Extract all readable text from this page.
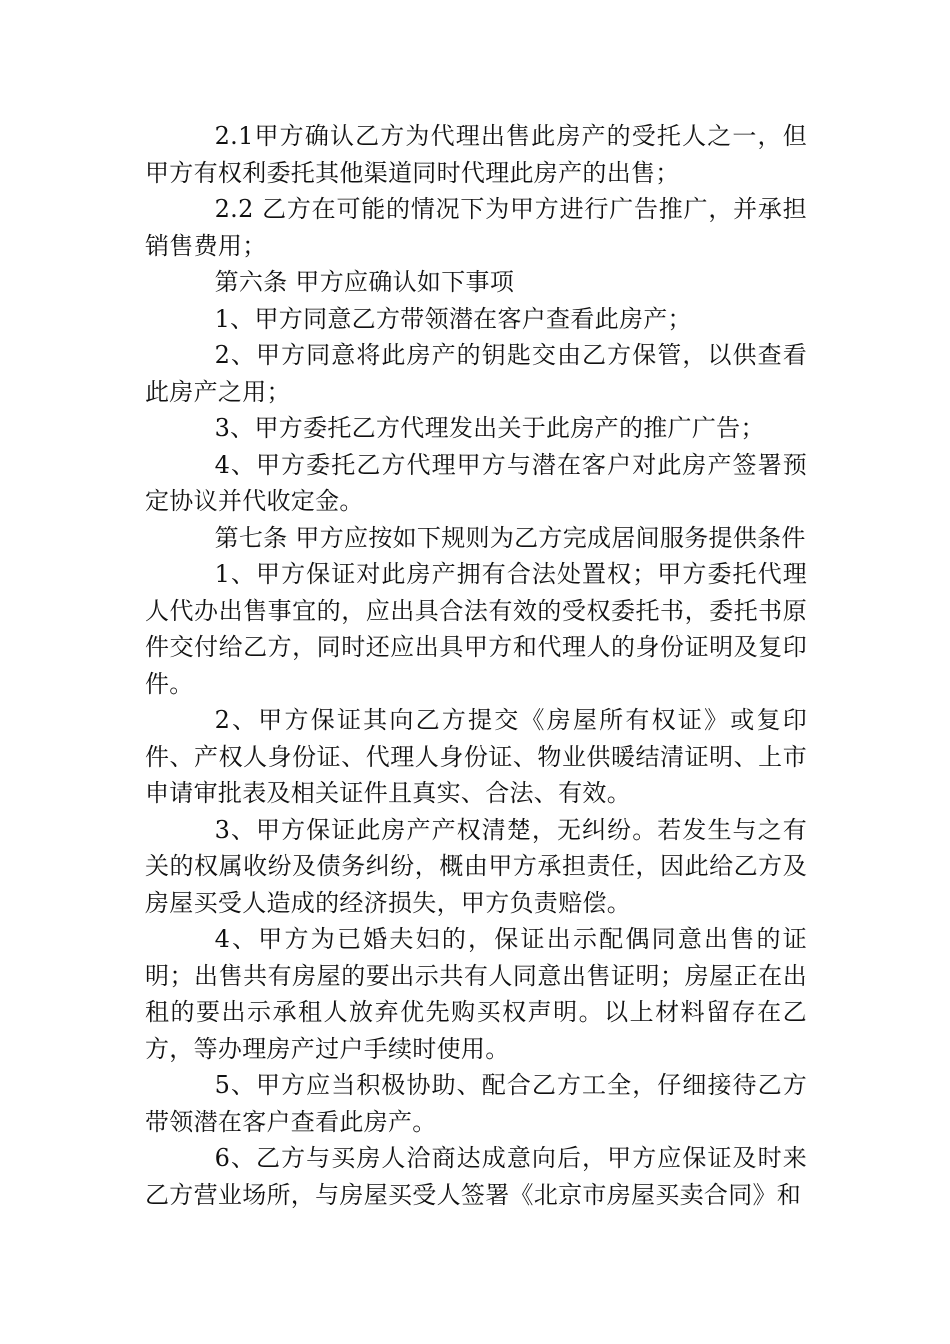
2.1甲方确认乙方为代理出售此房产的受托人之一，但甲方有权利委托其他渠道同时代理此房产的出售；

2.2 乙方在可能的情况下为甲方进行广告推广，并承担销售费用；

第六条 甲方应确认如下事项

1、甲方同意乙方带领潜在客户查看此房产；

2、甲方同意将此房产的钥匙交由乙方保管，以供查看此房产之用；

3、甲方委托乙方代理发出关于此房产的推广广告；

4、甲方委托乙方代理甲方与潜在客户对此房产签署预定协议并代收定金。

第七条 甲方应按如下规则为乙方完成居间服务提供条件

1、甲方保证对此房产拥有合法处置权；甲方委托代理人代办出售事宜的，应出具合法有效的受权委托书，委托书原件交付给乙方，同时还应出具甲方和代理人的身份证明及复印件。

2、甲方保证其向乙方提交《房屋所有权证》或复印件、产权人身份证、代理人身份证、物业供暖结清证明、上市申请审批表及相关证件且真实、合法、有效。

3、甲方保证此房产产权清楚，无纠纷。若发生与之有关的权属收纷及债务纠纷，概由甲方承担责任，因此给乙方及房屋买受人造成的经济损失，甲方负责赔偿。

4、甲方为已婚夫妇的，保证出示配偶同意出售的证明；出售共有房屋的要出示共有人同意出售证明；房屋正在出租的要出示承租人放弃优先购买权声明。以上材料留存在乙方，等办理房产过户手续时使用。

5、甲方应当积极协助、配合乙方工全，仔细接待乙方带领潜在客户查看此房产。

6、乙方与买房人洽商达成意向后，甲方应保证及时来乙方营业场所，与房屋买受人签署《北京市房屋买卖合同》和
